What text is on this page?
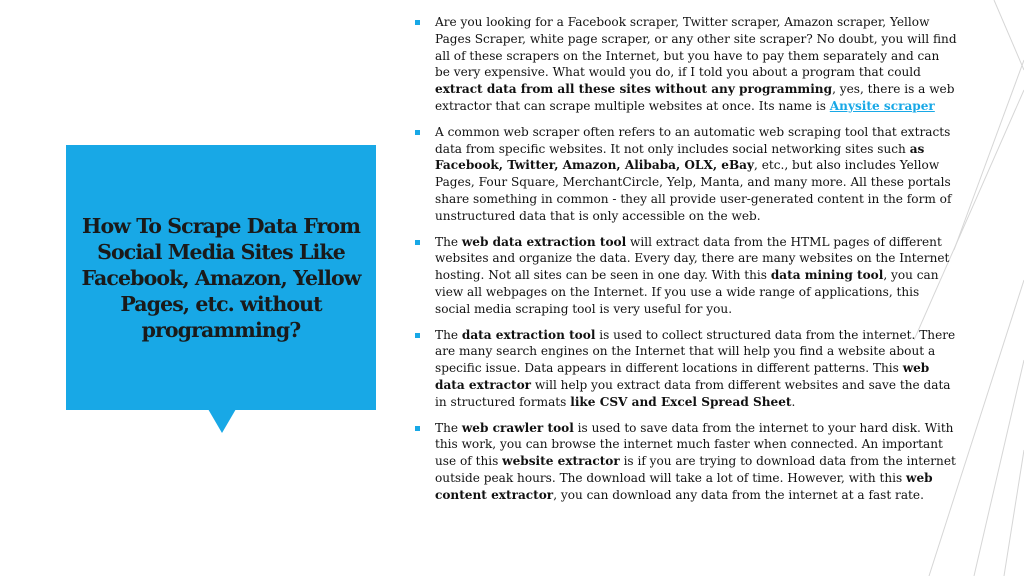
How To Scrape Data From Social Media Sites Like Facebook, Amazon, Yellow Pages, etc. without programming?
Are you looking for a Facebook scraper, Twitter scraper, Amazon scraper, Yellow Pages Scraper, white page scraper, or any other site scraper? No doubt, you will find all of these scrapers on the Internet, but you have to pay them separately and can be very expensive. What would you do, if I told you about a program that could extract data from all these sites without any programming, yes, there is a web extractor that can scrape multiple websites at once. Its name is Anysite scraper
A common web scraper often refers to an automatic web scraping tool that extracts data from specific websites. It not only includes social networking sites such as Facebook, Twitter, Amazon, Alibaba, OLX, eBay, etc., but also includes Yellow Pages, Four Square, MerchantCircle, Yelp, Manta, and many more. All these portals share something in common - they all provide user-generated content in the form of unstructured data that is only accessible on the web.
The web data extraction tool will extract data from the HTML pages of different websites and organize the data. Every day, there are many websites on the Internet hosting. Not all sites can be seen in one day. With this data mining tool, you can view all webpages on the Internet. If you use a wide range of applications, this social media scraping tool is very useful for you.
The data extraction tool is used to collect structured data from the internet. There are many search engines on the Internet that will help you find a website about a specific issue. Data appears in different locations in different patterns. This web data extractor will help you extract data from different websites and save the data in structured formats like CSV and Excel Spread Sheet.
The web crawler tool is used to save data from the internet to your hard disk. With this work, you can browse the internet much faster when connected. An important use of this website extractor is if you are trying to download data from the internet outside peak hours. The download will take a lot of time. However, with this web content extractor, you can download any data from the internet at a fast rate.
